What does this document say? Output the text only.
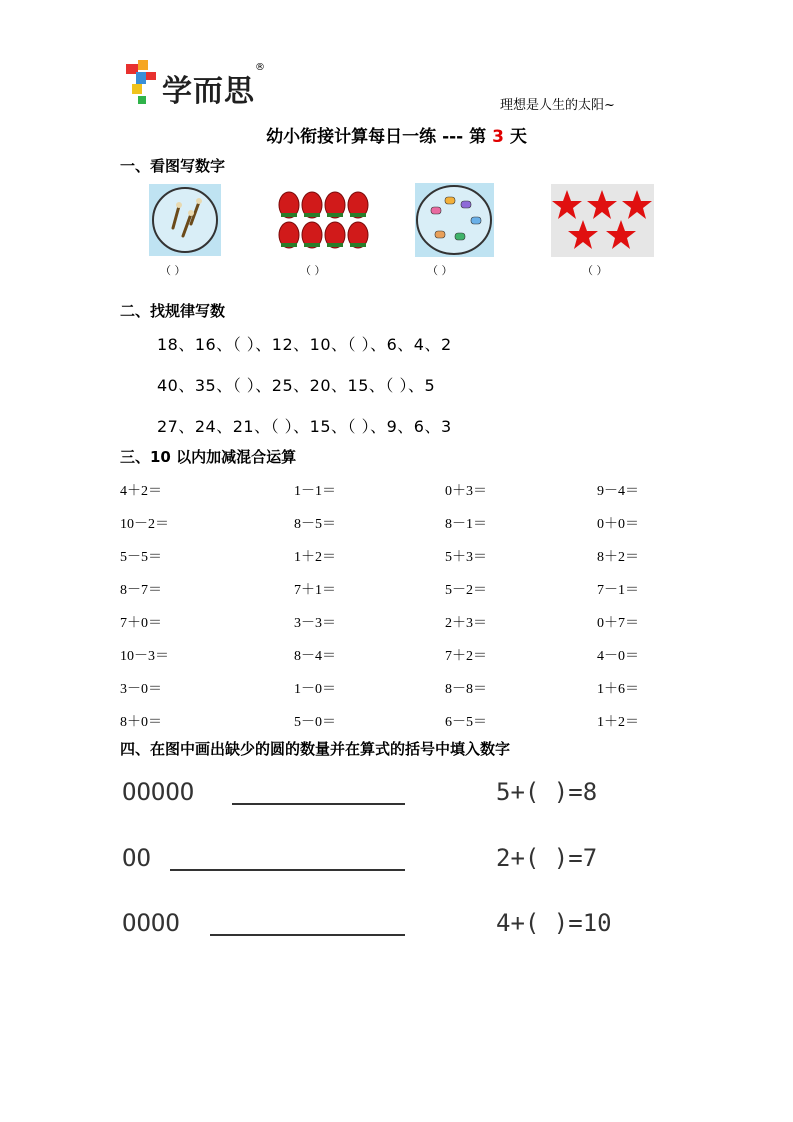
学而思
®
理想是人生的太阳~
幼小衔接计算每日一练 --- 第 3 天
一、看图写数字
（ ）	（ ）	（ ）	（ ）
二、找规律写数
18、16、（ ）、12、10、（ ）、6、4、2
40、35、（ ）、25、20、15、（ ）、5
27、24、21、（ ）、15、（ ）、9、6、3
三、10 以内加减混合运算
4＋2＝	1－1＝	0＋3＝	9－4＝
10－2＝	8－5＝	8－1＝	0＋0＝
5－5＝	1＋2＝	5＋3＝	8＋2＝
8－7＝	7＋1＝	5－2＝	7－1＝
7＋0＝	3－3＝	2＋3＝	0＋7＝
10－3＝	8－4＝	7＋2＝	4－0＝
3－0＝	1－0＝	8－8＝	1＋6＝
8＋0＝	5－0＝	6－5＝	1＋2＝
四、在图中画出缺少的圆的数量并在算式的括号中填入数字
OOOOO	5+( )=8
OO	2+( )=7
OOOO	4+( )=10
